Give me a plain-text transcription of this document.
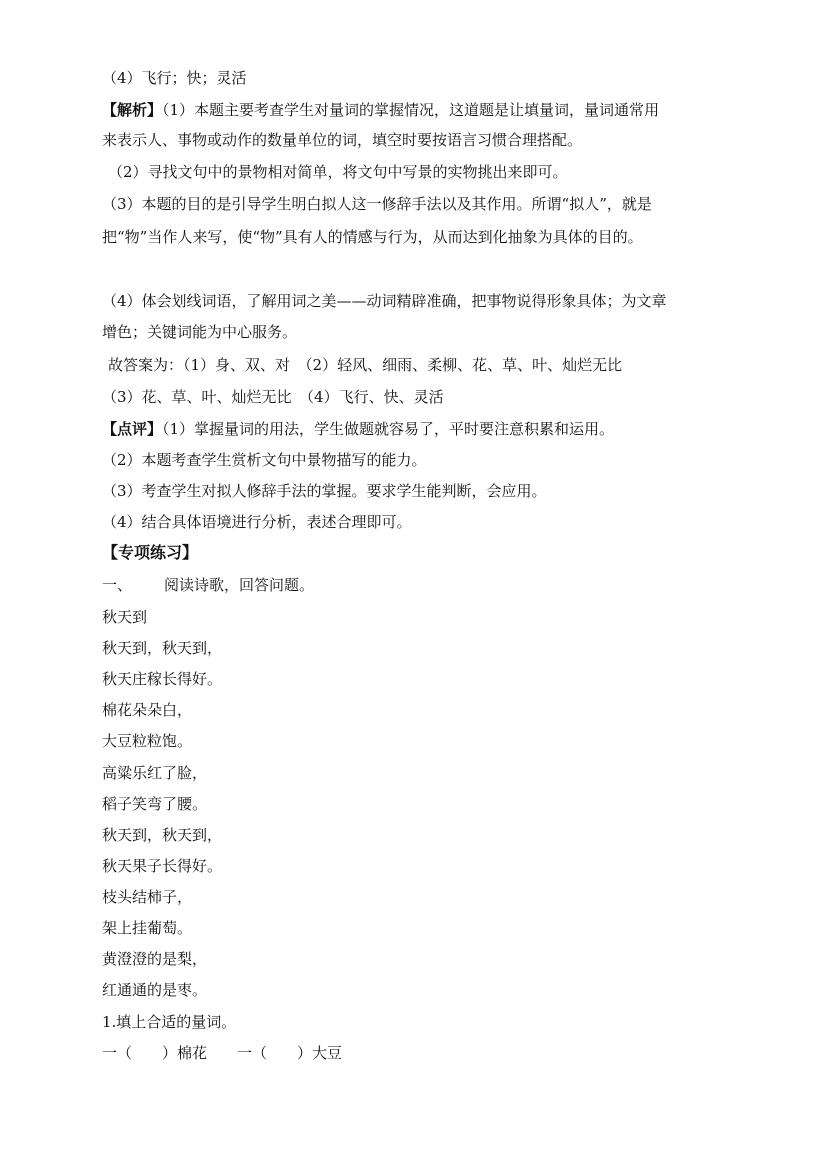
（4）飞行；快；灵活
【解析】（1）本题主要考查学生对量词的掌握情况，这道题是让填量词，量词通常用
来表示人、事物或动作的数量单位的词，填空时要按语言习惯合理搭配。
（2）寻找文句中的景物相对简单，将文句中写景的实物挑出来即可。
（3）本题的目的是引导学生明白拟人这一修辞手法以及其作用。所谓“拟人”，就是
把“物”当作人来写，使“物”具有人的情感与行为，从而达到化抽象为具体的目的。
（4）体会划线词语，了解用词之美——动词精辟准确，把事物说得形象具体；为文章
增色；关键词能为中心服务。
故答案为：（1）身、双、对　（2）轻风、细雨、柔柳、花、草、叶、灿烂无比
（3）花、草、叶、灿烂无比　（4）飞行、快、灵活
【点评】（1）掌握量词的用法，学生做题就容易了，平时要注意积累和运用。
（2）本题考查学生赏析文句中景物描写的能力。
（3）考查学生对拟人修辞手法的掌握。要求学生能判断，会应用。
（4）结合具体语境进行分析，表述合理即可。
【专项练习】
一、 阅读诗歌，回答问题。
秋天到
秋天到，秋天到，
秋天庄稼长得好。
棉花朵朵白，
大豆粒粒饱。
高粱乐红了脸，
稻子笑弯了腰。
秋天到，秋天到，
秋天果子长得好。
枝头结柿子，
架上挂葡萄。
黄澄澄的是梨，
红通通的是枣。
1.填上合适的量词。
一（　　）棉花 一（　　）大豆
